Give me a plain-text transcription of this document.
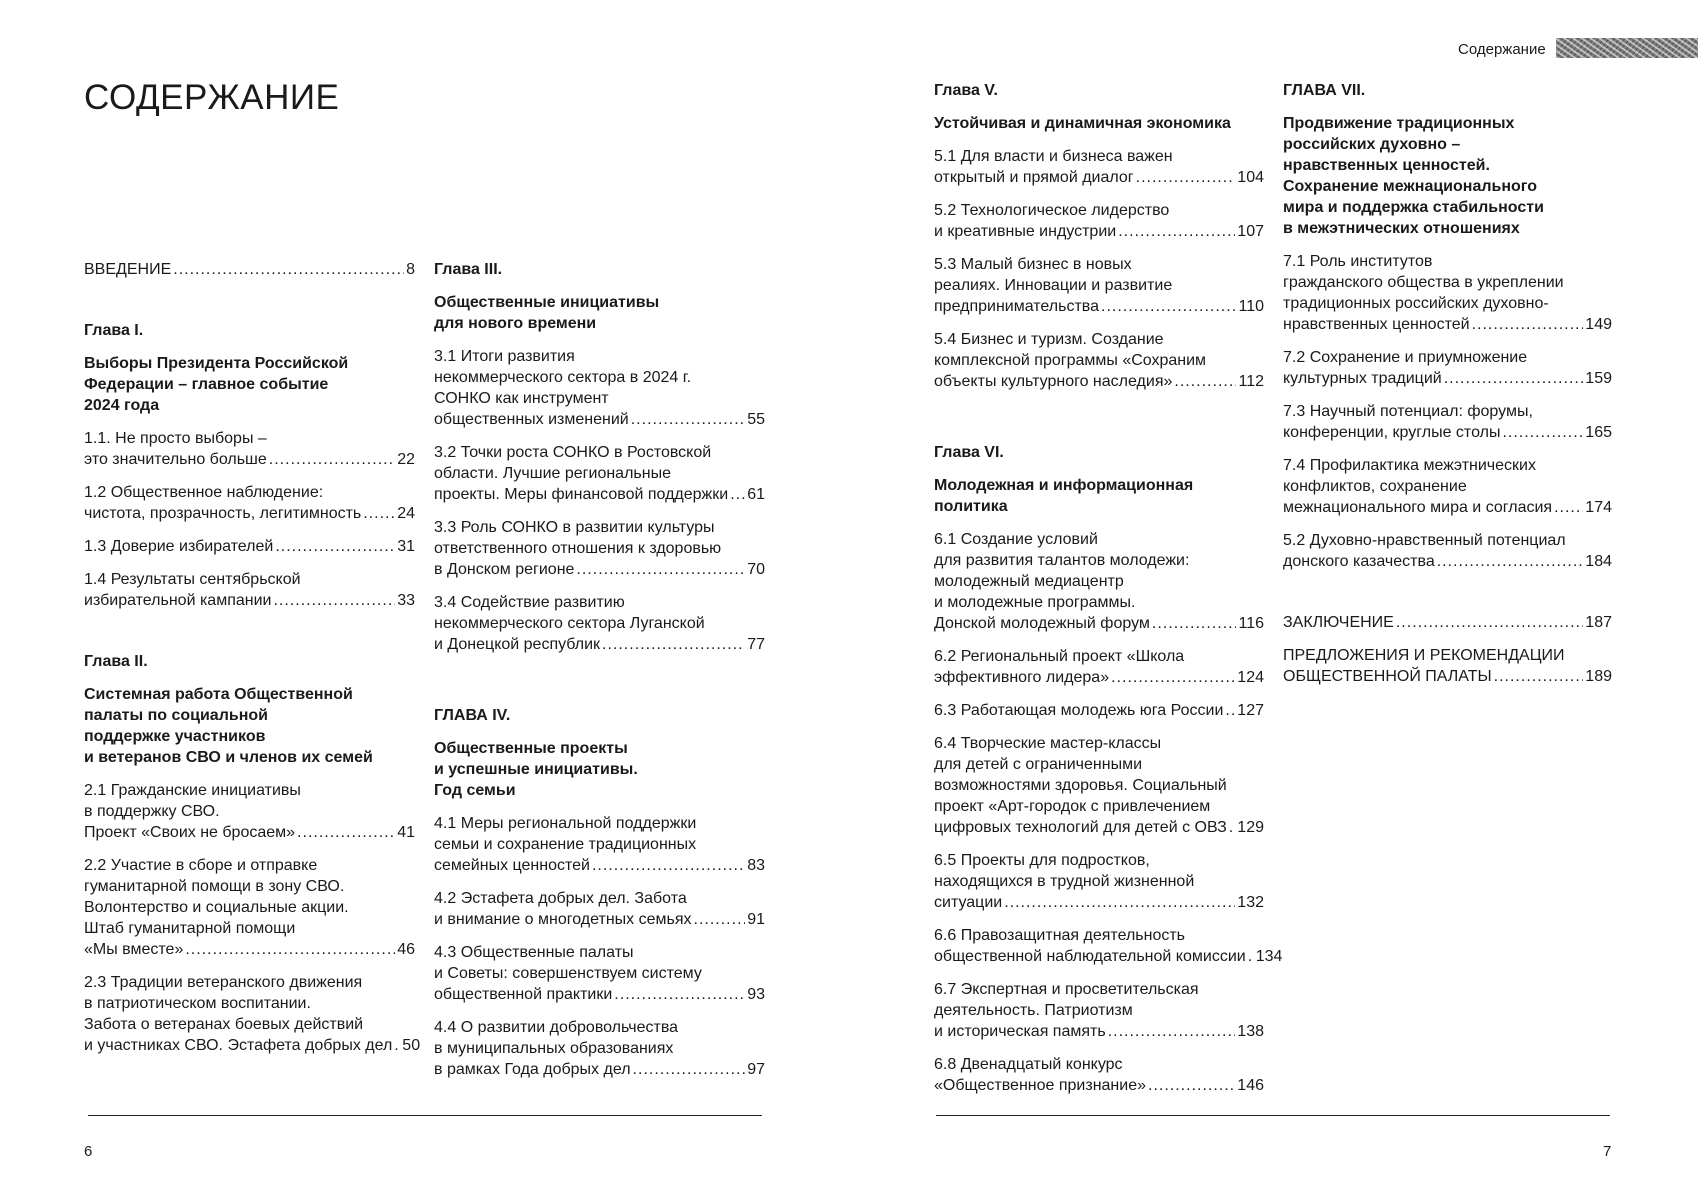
СОДЕРЖАНИЕ
Содержание
ВВЕДЕНИЕ .....	8
Глава I.
Выборы Президента Российской
Федерации – главное событие
2024 года
1.1. Не просто выборы –
это значительно больше .....	22
1.2 Общественное наблюдение:
чистота, прозрачность, легитимность ..... 24
1.3 Доверие избирателей .....	31
1.4 Результаты сентябрьской
избирательной кампании .....	33
Глава II.
Системная работа Общественной
палаты по социальной
поддержке участников
и ветеранов СВО и членов их семей
2.1 Гражданские инициативы
в поддержку СВО.
Проект «Своих не бросаем» .....	41
2.2 Участие в сборе и отправке
гуманитарной помощи в зону СВО.
Волонтерство и социальные акции.
Штаб гуманитарной помощи
«Мы вместе» .....	46
2.3 Традиции ветеранского движения
в патриотическом воспитании.
Забота о ветеранах боевых действий
и участниках СВО. Эстафета добрых дел ..... 50
Глава III.
Общественные инициативы
для нового времени
3.1 Итоги развития
некоммерческого сектора в 2024 г.
СОНКО как инструмент
общественных изменений .....	55
3.2 Точки роста СОНКО в Ростовской
области. Лучшие региональные
проекты. Меры финансовой поддержки ..... 61
3.3 Роль СОНКО в развитии культуры
ответственного отношения к здоровью
в Донском регионе .....	70
3.4 Содействие развитию
некоммерческого сектора Луганской
и Донецкой республик .....	77
ГЛАВА IV.
Общественные проекты
и успешные инициативы.
Год семьи
4.1 Меры региональной поддержки
семьи и сохранение традиционных
семейных ценностей .....	83
4.2 Эстафета добрых дел. Забота
и внимание о многодетных семьях .....	91
4.3 Общественные палаты
и Советы: совершенствуем систему
общественной практики .....	93
4.4 О развитии добровольчества
в муниципальных образованиях
в рамках Года добрых дел .....	97
Глава V.
Устойчивая и динамичная экономика
5.1 Для власти и бизнеса важен
открытый и прямой диалог .....	104
5.2 Технологическое лидерство
и креативные индустрии .....	107
5.3 Малый бизнес в новых
реалиях. Инновации и развитие
предпринимательства .....	110
5.4 Бизнес и туризм. Создание
комплексной программы «Сохраним
объекты культурного наследия» .....	112
Глава VI.
Молодежная и информационная
политика
6.1 Создание условий
для развития талантов молодежи:
молодежный медиацентр
и молодежные программы.
Донской молодежный форум .....	116
6.2 Региональный проект «Школа
эффективного лидера» .....	124
6.3 Работающая молодежь юга России ..... 127
6.4 Творческие мастер-классы
для детей с ограниченными
возможностями здоровья. Социальный
проект «Арт-городок с привлечением
цифровых технологий для детей с ОВЗ ..... 129
6.5 Проекты для подростков,
находящихся в трудной жизненной
ситуации .....	132
6.6 Правозащитная деятельность
общественной наблюдательной комиссии ..... 134
6.7 Экспертная и просветительская
деятельность. Патриотизм
и историческая память .....	138
6.8 Двенадцатый конкурс
«Общественное признание» .....	146
ГЛАВА VII.
Продвижение традиционных
российских духовно –
нравственных ценностей.
Сохранение межнационального
мира и поддержка стабильности
в межэтнических отношениях
7.1 Роль институтов
гражданского общества в укреплении
традиционных российских духовно-
нравственных ценностей .....	149
7.2 Сохранение и приумножение
культурных традиций .....	159
7.3 Научный потенциал: форумы,
конференции, круглые столы .....	165
7.4 Профилактика межэтнических
конфликтов, сохранение
межнационального мира и согласия ..... 174
5.2 Духовно-нравственный потенциал
донского казачества .....	184
ЗАКЛЮЧЕНИЕ .....	187
ПРЕДЛОЖЕНИЯ И РЕКОМЕНДАЦИИ
ОБЩЕСТВЕННОЙ ПАЛАТЫ .....	189
6	7
